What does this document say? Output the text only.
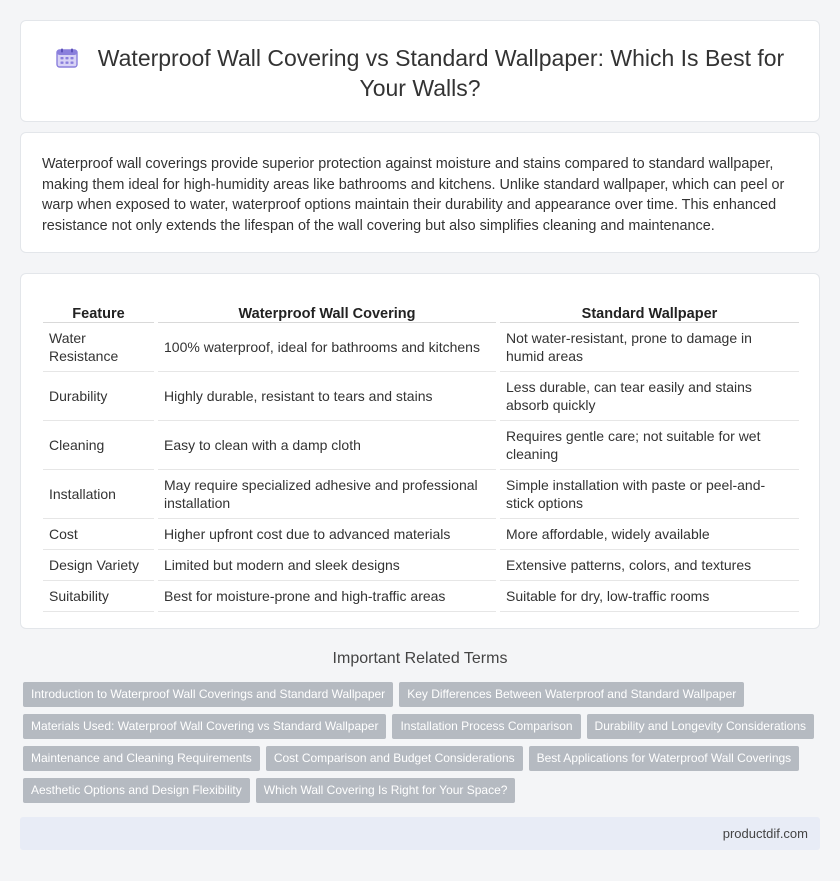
Waterproof Wall Covering vs Standard Wallpaper: Which Is Best for Your Walls?

Waterproof wall coverings provide superior protection against moisture and stains compared to standard wallpaper, making them ideal for high-humidity areas like bathrooms and kitchens. Unlike standard wallpaper, which can peel or warp when exposed to water, waterproof options maintain their durability and appearance over time. This enhanced resistance not only extends the lifespan of the wall covering but also simplifies cleaning and maintenance.

Feature	Waterproof Wall Covering	Standard Wallpaper
Water Resistance	100% waterproof, ideal for bathrooms and kitchens	Not water-resistant, prone to damage in humid areas
Durability	Highly durable, resistant to tears and stains	Less durable, can tear easily and stains absorb quickly
Cleaning	Easy to clean with a damp cloth	Requires gentle care; not suitable for wet cleaning
Installation	May require specialized adhesive and professional installation	Simple installation with paste or peel-and-stick options
Cost	Higher upfront cost due to advanced materials	More affordable, widely available
Design Variety	Limited but modern and sleek designs	Extensive patterns, colors, and textures
Suitability	Best for moisture-prone and high-traffic areas	Suitable for dry, low-traffic rooms
Important Related Terms
Introduction to Waterproof Wall Coverings and Standard Wallpaper Key Differences Between Waterproof and Standard Wallpaper
Materials Used: Waterproof Wall Covering vs Standard Wallpaper Installation Process Comparison Durability and Longevity Considerations
Maintenance and Cleaning Requirements Cost Comparison and Budget Considerations Best Applications for Waterproof Wall Coverings
Aesthetic Options and Design Flexibility Which Wall Covering Is Right for Your Space?
productdif.com
